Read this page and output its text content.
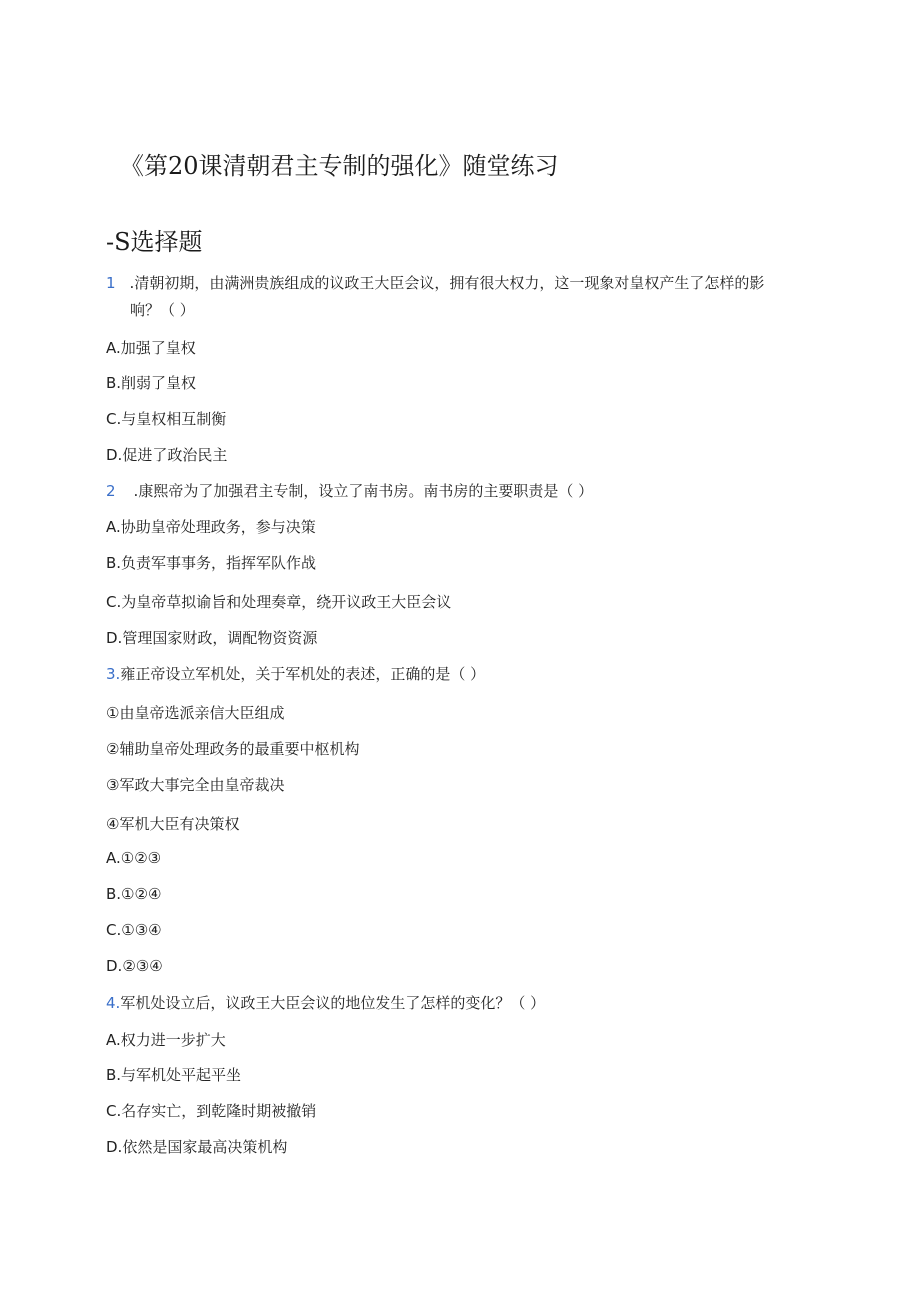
《第20课清朝君主专制的强化》随堂练习
-S选择题
1 .清朝初期，由满洲贵族组成的议政王大臣会议，拥有很大权力，这一现象对皇权产生了怎样的影
响？（ ）
A.加强了皇权
B.削弱了皇权
C.与皇权相互制衡
D.促进了政治民主
2 .康熙帝为了加强君主专制，设立了南书房。南书房的主要职责是（ ）
A.协助皇帝处理政务，参与决策
B.负责军事事务，指挥军队作战
C.为皇帝草拟谕旨和处理奏章，绕开议政王大臣会议
D.管理国家财政，调配物资资源
3.雍正帝设立军机处，关于军机处的表述，正确的是（ ）
①由皇帝选派亲信大臣组成
②辅助皇帝处理政务的最重要中枢机构
③军政大事完全由皇帝裁决
④军机大臣有决策权
A.①②③
B.①②④
C.①③④
D.②③④
4.军机处设立后，议政王大臣会议的地位发生了怎样的变化？（ ）
A.权力进一步扩大
B.与军机处平起平坐
C.名存实亡，到乾隆时期被撤销
D.依然是国家最高决策机构
